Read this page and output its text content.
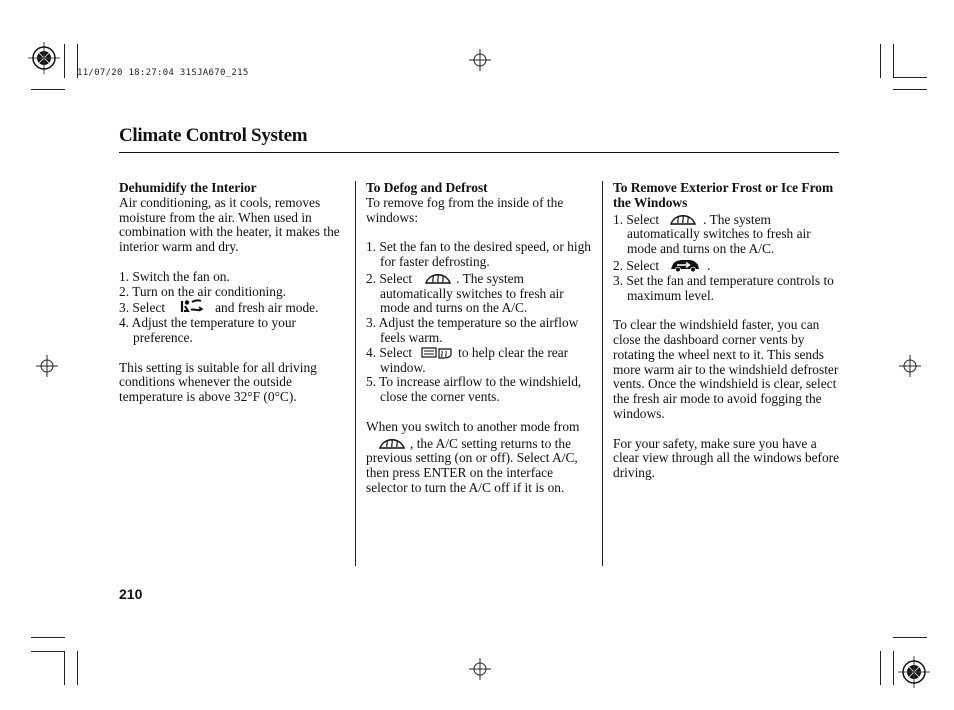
11/07/20 18:27:04 31SJA670_215
Climate Control System

Dehumidify the Interior

Air conditioning, as it cools, removes moisture from the air. When used in combination with the heater, it makes the interior warm and dry.

1. Switch the fan on.

2. Turn on the air conditioning.

3. Select	and fresh air mode.

4. Adjust the temperature to your preference.

This setting is suitable for all driving conditions whenever the outside temperature is above 32°F (0°C).

To Defog and Defrost

To remove fog from the inside of the windows:

1. Set the fan to the desired speed, or high for faster defrosting.

2. Select	. The system automatically switches to fresh air mode and turns on the A/C.

3. Adjust the temperature so the airflow feels warm.

4. Select	to help clear the rear window.

5. To increase airflow to the windshield, close the corner vents.

When you switch to another mode from, the A/C setting returns to the previous setting (on or off). Select A/C, then press ENTER on the interface selector to turn the A/C off if it is on.

To Remove Exterior Frost or Ice From the Windows

1. Select	. The system automatically switches to fresh air mode and turns on the A/C.

2. Select	.

3. Set the fan and temperature controls to maximum level.

To clear the windshield faster, you can close the dashboard corner vents by rotating the wheel next to it. This sends more warm air to the windshield defroster vents. Once the windshield is clear, select the fresh air mode to avoid fogging the windows.

For your safety, make sure you have a clear view through all the windows before driving.

210
